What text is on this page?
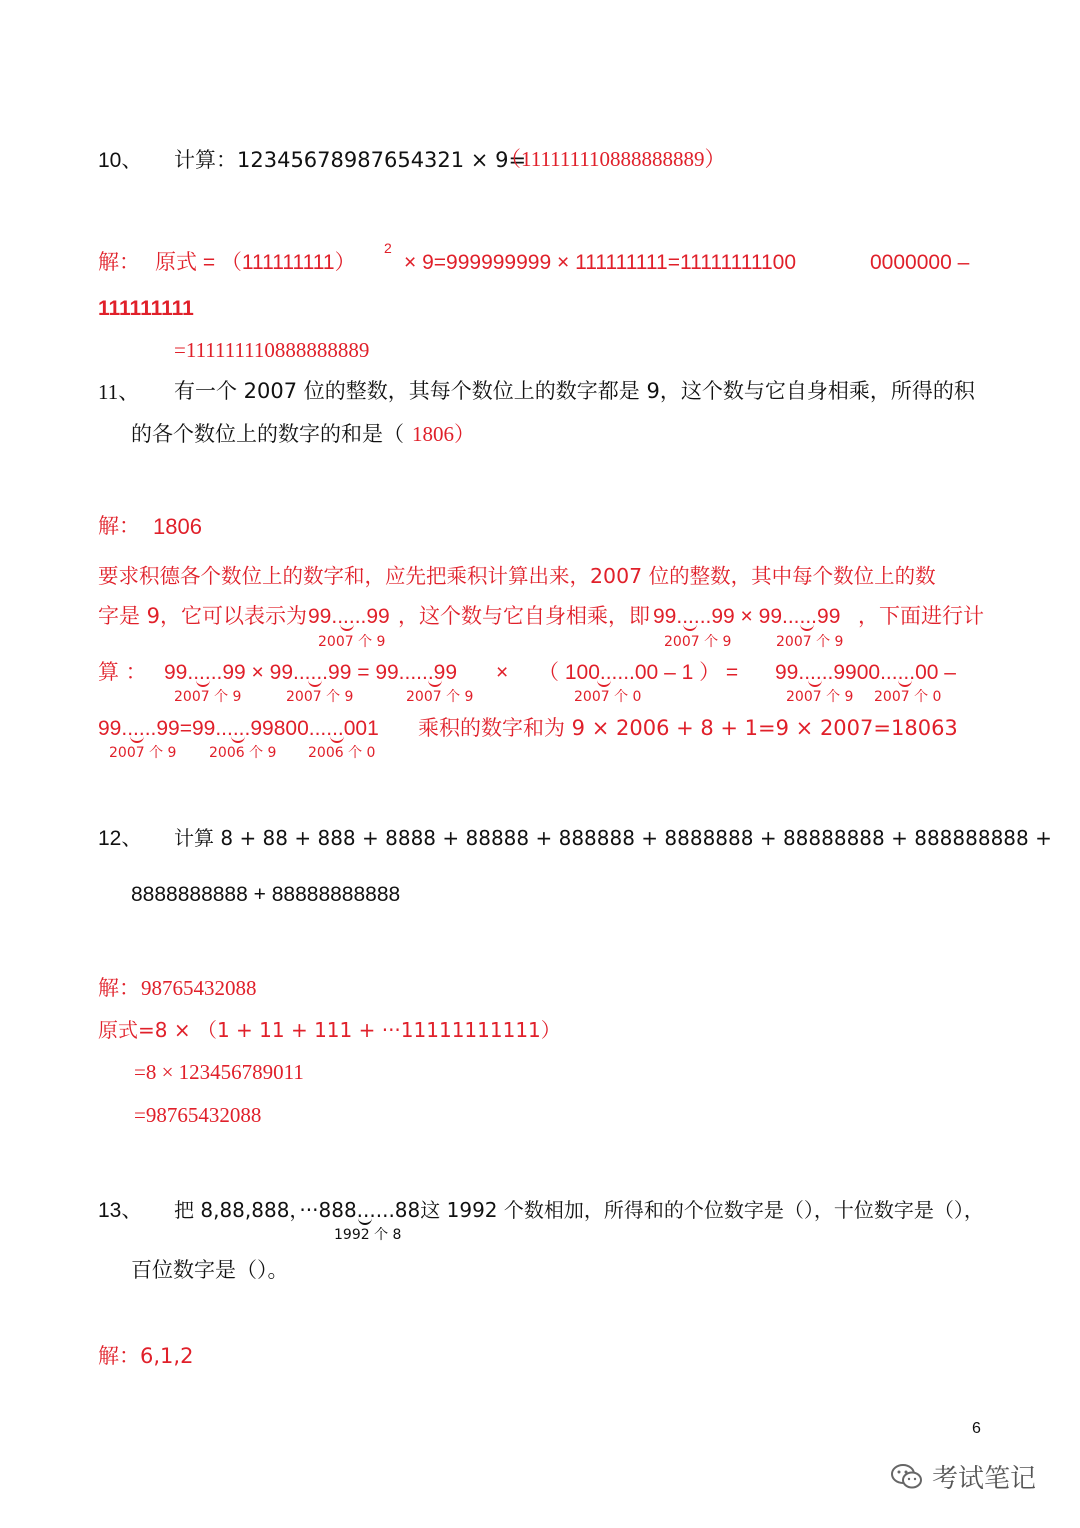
10、 计算：12345678987654321 × 9=
（111111110888888889）
解： 原式 = （111111111）
2
× 9=999999999 × 111111111=11111111100	0000000 –
111111111
=111111110888888889
11、 有一个 2007 位的整数，其每个数位上的数字都是 9，这个数与它自身相乘，所得的积
的各个数位上的数字的和是（ 1806）
解： 1806
要求积德各个数位上的数字和，应先把乘积计算出来，2007 位的整数，其中每个数位上的数
字是 9，它可以表示为 99......99 ，这个数与它自身相乘，即 99......99 × 99......99 ，下面进行计
2007 个 9	2007 个 9	2007 个 9
算 ： 99......99 × 99......99 = 99......99 × （ 100......00 – 1 ） = 99......9900......00 –
2007 个 9	2007 个 9	2007 个 9	2007 个 0	2007 个 9 2007 个 0
99......99=99......99800......001 乘积的数字和为 9 × 2006 + 8 + 1=9 × 2007=18063
2007 个 9 2006 个 9 2006 个 0
12、 计算 8 + 88 + 888 + 8888 + 88888 + 888888 + 8888888 + 88888888 + 888888888 +
8888888888 + 88888888888
解： 98765432088
原式=8 × （1 + 11 + 111 + ···11111111111）
=8 × 123456789011
=98765432088
13、 把 8,88,888，···888......88这 1992 个数相加，所得和的个位数字是（），十位数字是（），
1992 个 8
百位数字是（）。
解：6,1,2
6
考试笔记
